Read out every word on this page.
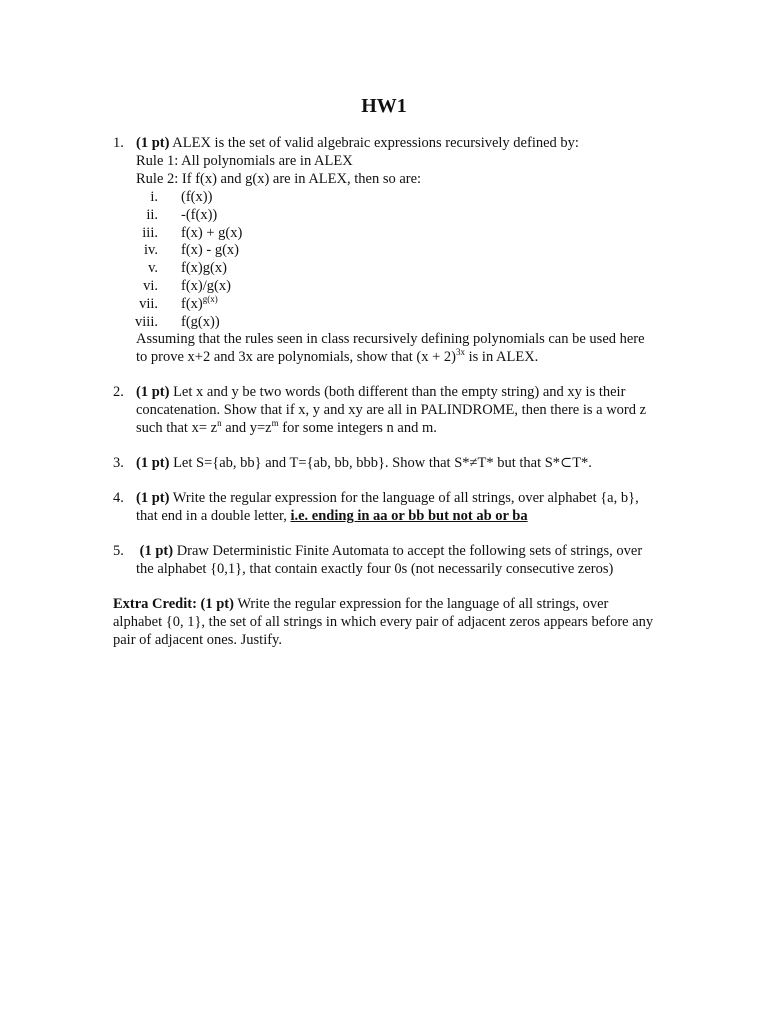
HW1
1. (1 pt) ALEX is the set of valid algebraic expressions recursively defined by:
Rule 1: All polynomials are in ALEX
Rule 2: If f(x) and g(x) are in ALEX, then so are:
i. (f(x))
ii. -(f(x))
iii. f(x) + g(x)
iv. f(x) - g(x)
v. f(x)g(x)
vi. f(x)/g(x)
vii. $f(x)^{g(x)}$
viii. f(g(x))
Assuming that the rules seen in class recursively defining polynomials can be used here
to prove x+2 and 3x are polynomials, show that $(x + 2)^{3x}$ is in ALEX.
2. (1 pt) Let x and y be two words (both different than the empty string) and xy is their
concatenation. Show that if x, y and xy are all in PALINDROME, then there is a word z
such that $x= z^n$ and $y=z^m$ for some integers n and m.
3. (1 pt) Let S={ab, bb} and T={ab, bb, bbb}. Show that S*≠T* but that S*⊂T*.
4. (1 pt) Write the regular expression for the language of all strings, over alphabet {a, b},
that end in a double letter, i.e. ending in aa or bb but not ab or ba
5. (1 pt) Draw Deterministic Finite Automata to accept the following sets of strings, over
the alphabet {0,1}, that contain exactly four 0s (not necessarily consecutive zeros)
Extra Credit: (1 pt) Write the regular expression for the language of all strings, over
alphabet {0, 1}, the set of all strings in which every pair of adjacent zeros appears before any
pair of adjacent ones. Justify.
